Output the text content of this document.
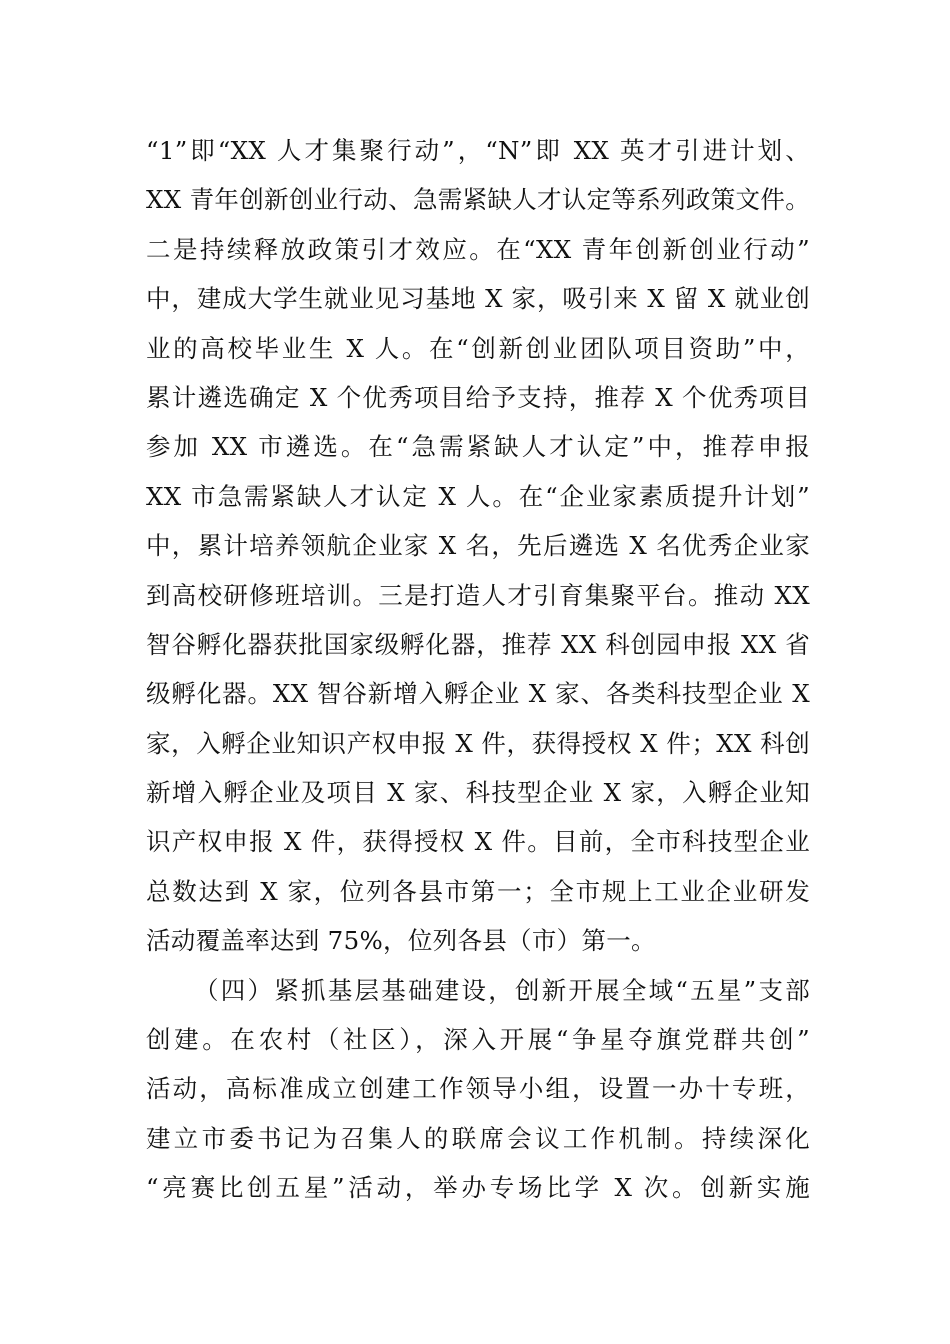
“1”即“XX 人才集聚行动”，“N”即 XX 英才引进计划、
XX 青年创新创业行动、急需紧缺人才认定等系列政策文件。
二是持续释放政策引才效应。在“XX 青年创新创业行动”
中，建成大学生就业见习基地 X 家，吸引来 X 留 X 就业创
业的高校毕业生 X 人。在“创新创业团队项目资助”中，
累计遴选确定 X 个优秀项目给予支持，推荐 X 个优秀项目
参加 XX 市遴选。在“急需紧缺人才认定”中，推荐申报
XX 市急需紧缺人才认定 X 人。在“企业家素质提升计划”
中，累计培养领航企业家 X 名，先后遴选 X 名优秀企业家
到高校研修班培训。三是打造人才引育集聚平台。推动 XX
智谷孵化器获批国家级孵化器，推荐 XX 科创园申报 XX 省
级孵化器。XX 智谷新增入孵企业 X 家、各类科技型企业 X
家，入孵企业知识产权申报 X 件，获得授权 X 件；XX 科创
新增入孵企业及项目 X 家、科技型企业 X 家，入孵企业知
识产权申报 X 件，获得授权 X 件。目前，全市科技型企业
总数达到 X 家，位列各县市第一；全市规上工业企业研发
活动覆盖率达到 75%，位列各县（市）第一。
（四）紧抓基层基础建设，创新开展全域“五星”支部
创建。在农村（社区），深入开展“争星夺旗党群共创”
活动，高标准成立创建工作领导小组，设置一办十专班，
建立市委书记为召集人的联席会议工作机制。持续深化
“亮赛比创五星”活动，举办专场比学 X 次。创新实施
